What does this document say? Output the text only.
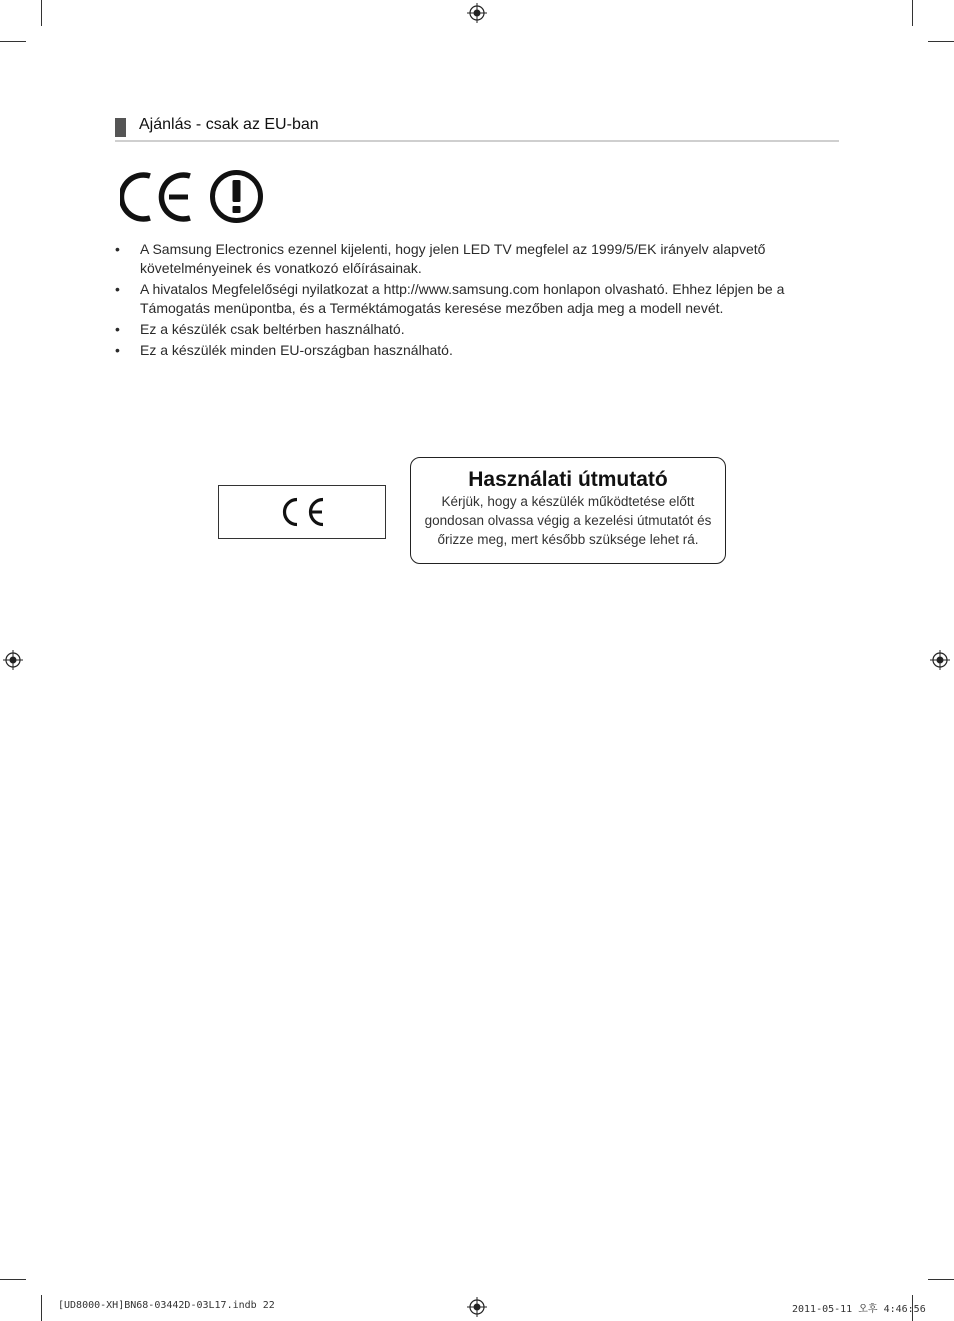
Ajánlás - csak az EU-ban
• A Samsung Electronics ezennel kijelenti, hogy jelen LED TV megfelel az 1999/5/EK irányelv alapvető követelményeinek és vonatkozó előírásainak.
• A hivatalos Megfelelőségi nyilatkozat a http://www.samsung.com honlapon olvasható. Ehhez lépjen be a Támogatás menüpontba, és a Terméktámogatás keresése mezőben adja meg a modell nevét.
• Ez a készülék csak beltérben használható.
• Ez a készülék minden EU-országban használható.
Használati útmutató
Kérjük, hogy a készülék működtetése előtt
gondosan olvassa végig a kezelési útmutatót és
őrizze meg, mert később szüksége lehet rá.
[UD8000-XH]BN68-03442D-03L17.indb 22	2011-05-11 오후 4:46:56
